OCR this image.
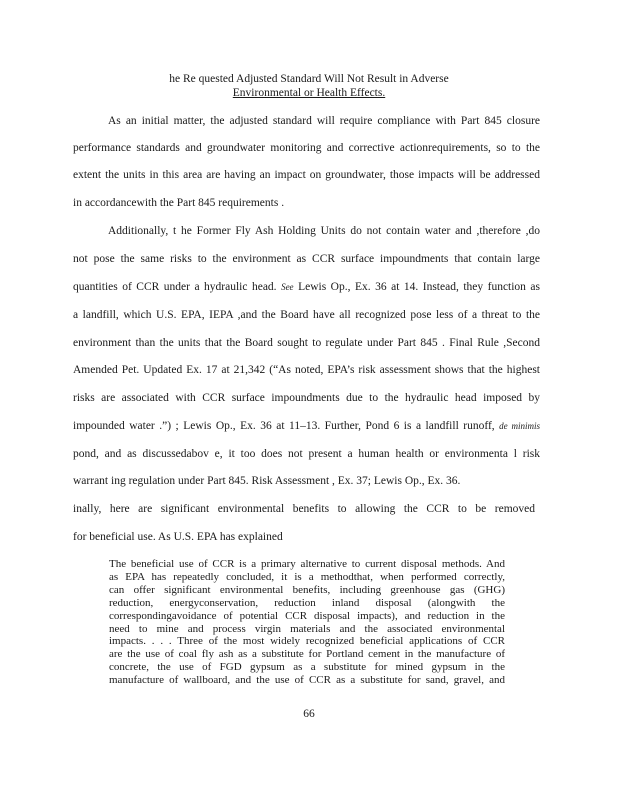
he Re quested Adjusted Standard Will Not Result in Adverse
Environmental or Health Effects.
As an initial matter, the adjusted standard will require compliance with Part 845 closure
performance standards and groundwater monitoring and corrective actionrequirements, so to the
extent the units in this area are having an impact on groundwater, those impacts will be addressed
in accordancewith the Part 845 requirements .
Additionally, t he Former Fly Ash Holding Units do not contain water and ,therefore ,do
not pose the same risks to the environment as CCR surface impoundments that contain large
quantities of CCR under a hydraulic head. See Lewis Op., Ex. 36 at 14. Instead, they function as
a landfill, which U.S. EPA, IEPA ,and the Board have all recognized pose less of a threat to the
environment than the units that the Board sought to regulate under Part 845 . Final Rule ,Second
Amended Pet. Updated Ex. 17 at 21,342 (“As noted, EPA’s risk assessment shows that the highest
risks are associated with CCR surface impoundments due to the hydraulic head imposed by
impounded water .”) ; Lewis Op., Ex. 36 at 11–13. Further, Pond 6 is a landfill runoff, de minimis
pond, and as discussedabov e, it too does not present a human health or environmenta l risk
warrant ing regulation under Part 845. Risk Assessment , Ex. 37; Lewis Op., Ex. 36.
inally, here are significant environmental benefits to allowing the CCR to be removed
for beneficial use. As U.S. EPA has explained
The beneficial use of CCR is a primary alternative to current disposal methods. And
as EPA has repeatedly concluded, it is a methodthat, when performed correctly,
can offer significant environmental benefits, including greenhouse gas (GHG)
reduction, energyconservation, reduction inland disposal (alongwith the
correspondingavoidance of potential CCR disposal impacts), and reduction in the
need to mine and process virgin materials and the associated environmental
impacts. . . . Three of the most widely recognized beneficial applications of CCR
are the use of coal fly ash as a substitute for Portland cement in the manufacture of
concrete, the use of FGD gypsum as a substitute for mined gypsum in the
manufacture of wallboard, and the use of CCR as a substitute for sand, gravel, and
66
